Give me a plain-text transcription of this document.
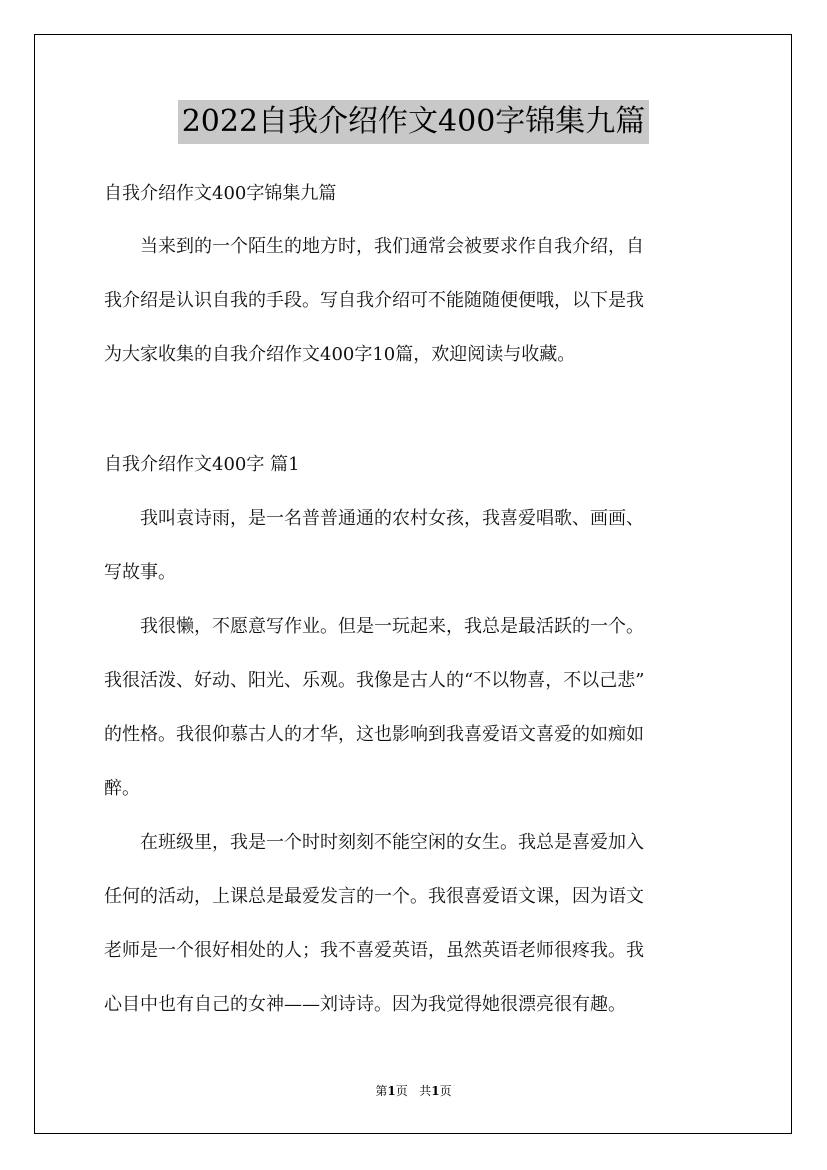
2022自我介绍作文400字锦集九篇

自我介绍作文400字锦集九篇

　　当来到的一个陌生的地方时，我们通常会被要求作自我介绍，自
我介绍是认识自我的手段。写自我介绍可不能随随便便哦，以下是我
为大家收集的自我介绍作文400字10篇，欢迎阅读与收藏。

自我介绍作文400字 篇1

　　我叫袁诗雨，是一名普普通通的农村女孩，我喜爱唱歌、画画、
写故事。
　　我很懒，不愿意写作业。但是一玩起来，我总是最活跃的一个。
我很活泼、好动、阳光、乐观。我像是古人的“不以物喜，不以己悲”
的性格。我很仰慕古人的才华，这也影响到我喜爱语文喜爱的如痴如
醉。
　　在班级里，我是一个时时刻刻不能空闲的女生。我总是喜爱加入
任何的活动，上课总是最爱发言的一个。我很喜爱语文课，因为语文
老师是一个很好相处的人；我不喜爱英语，虽然英语老师很疼我。我
心目中也有自己的女神——刘诗诗。因为我觉得她很漂亮很有趣。
第1页 共1页
